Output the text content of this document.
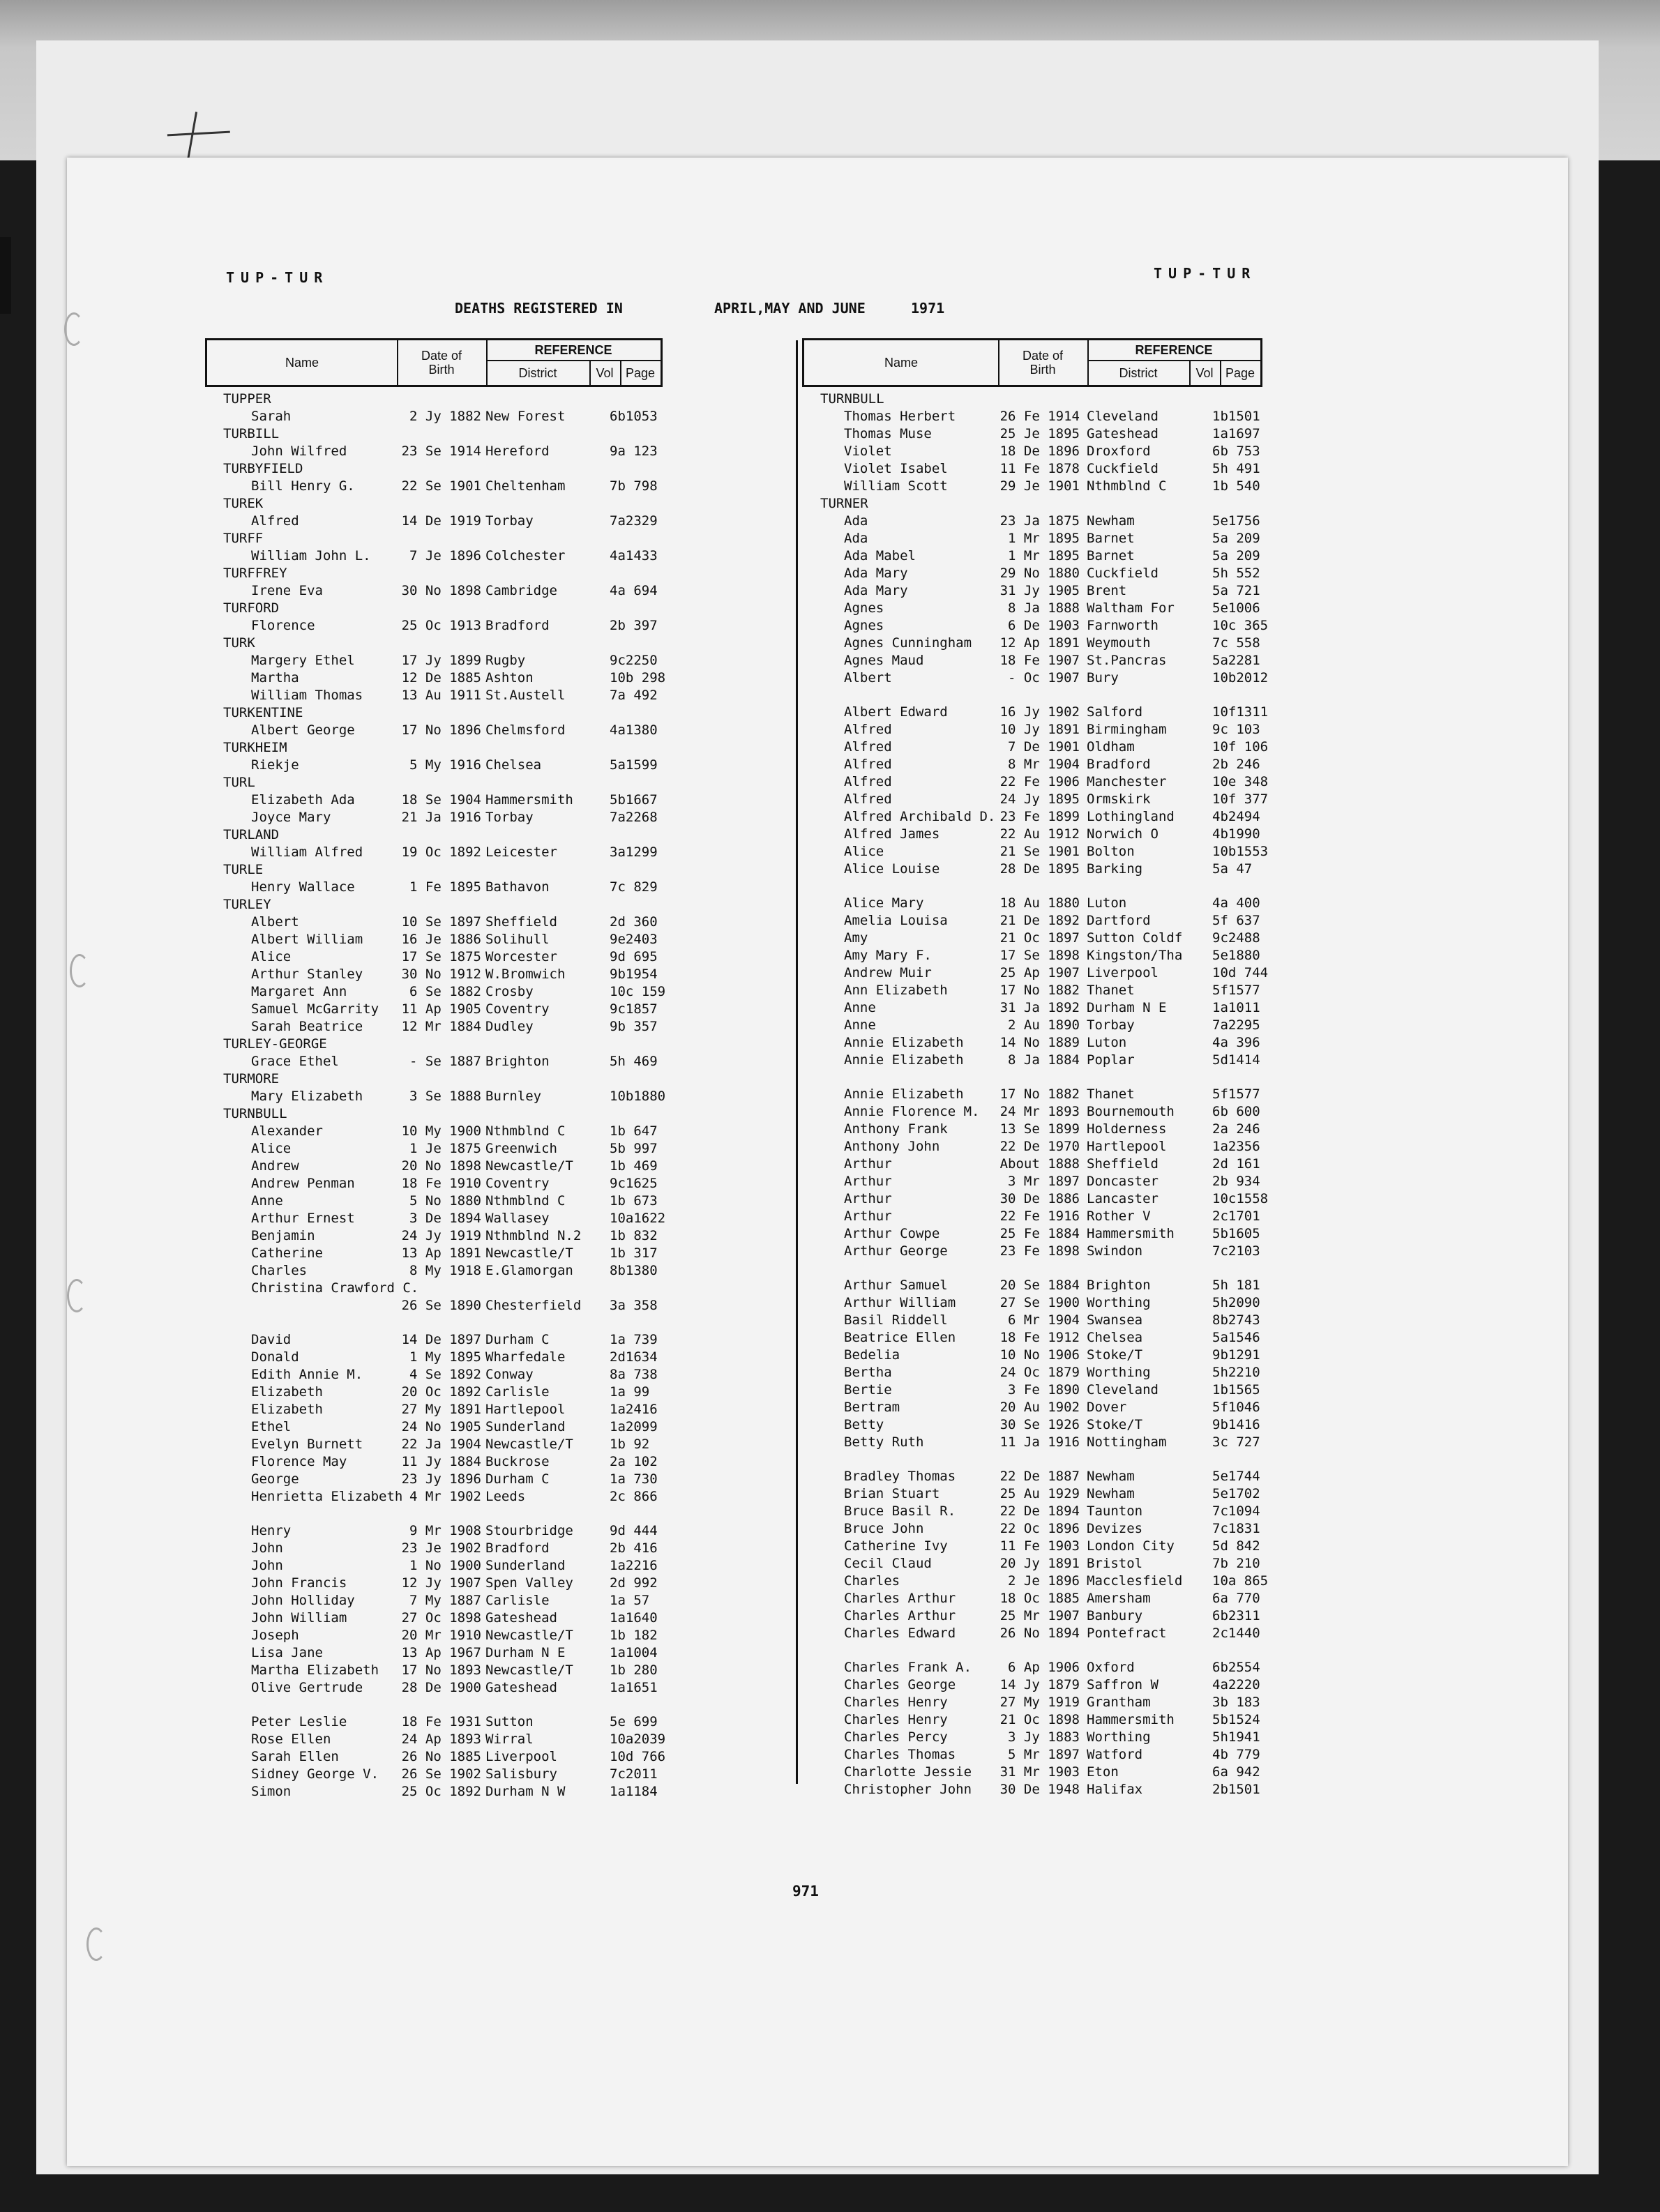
TUP-TUR	TUP-TUR
DEATHS REGISTERED IN	APRIL,MAY AND JUNE	1971
Name	Date of
Birth
REFERENCE
District	Vol Page
TUPPER
Sarah	2 Jy 1882 New Forest	6b1053
TURBILL
John Wilfred	23 Se 1914 Hereford	9a 123
TURBYFIELD
Bill Henry G.	22 Se 1901 Cheltenham	7b 798
TUREK
Alfred	14 De 1919 Torbay	7a2329
TURFF
William John L.	7 Je 1896 Colchester	4a1433
TURFFREY
Irene Eva	30 No 1898 Cambridge	4a 694
TURFORD
Florence	25 Oc 1913 Bradford	2b 397
TURK
Margery Ethel	17 Jy 1899 Rugby	9c2250
Martha	12 De 1885 Ashton	10b 298
William Thomas	13 Au 1911 St.Austell	7a 492
TURKENTINE
Albert George	17 No 1896 Chelmsford	4a1380
TURKHEIM
Riekje	5 My 1916 Chelsea	5a1599
TURL
Elizabeth Ada	18 Se 1904 Hammersmith	5b1667
Joyce Mary	21 Ja 1916 Torbay	7a2268
TURLAND
William Alfred	19 Oc 1892 Leicester	3a1299
TURLE
Henry Wallace	1 Fe 1895 Bathavon	7c 829
TURLEY
Albert	10 Se 1897 Sheffield	2d 360
Albert William	16 Je 1886 Solihull	9e2403
Alice	17 Se 1875 Worcester	9d 695
Arthur Stanley	30 No 1912 W.Bromwich	9b1954
Margaret Ann	6 Se 1882 Crosby	10c 159
Samuel McGarrity 11 Ap 1905 Coventry	9c1857
Sarah Beatrice	12 Mr 1884 Dudley	9b 357
TURLEY-GEORGE
Grace Ethel	- Se 1887 Brighton	5h 469
TURMORE
Mary Elizabeth	3 Se 1888 Burnley	10b1880
TURNBULL
Alexander	10 My 1900 Nthmblnd C	1b 647
Alice	1 Je 1875 Greenwich	5b 997
Andrew	20 No 1898 Newcastle/T	1b 469
Andrew Penman	18 Fe 1910 Coventry	9c1625
Anne	5 No 1880 Nthmblnd C	1b 673
Arthur Ernest	3 De 1894 Wallasey	10a1622
Benjamin	24 Jy 1919 Nthmblnd N.2 1b 832
Catherine	13 Ap 1891 Newcastle/T	1b 317
Charles	8 My 1918 E.Glamorgan	8b1380
Christina Crawford C.
26 Se 1890 Chesterfield 3a 358
David	14 De 1897 Durham C	1a 739
Donald	1 My 1895 Wharfedale	2d1634
Edith Annie M.	4 Se 1892 Conway	8a 738
Elizabeth	20 Oc 1892 Carlisle	1a 99
Elizabeth	27 My 1891 Hartlepool	1a2416
Ethel	24 No 1905 Sunderland	1a2099
Evelyn Burnett	22 Ja 1904 Newcastle/T	1b 92
Florence May	11 Jy 1884 Buckrose	2a 102
George	23 Jy 1896 Durham C	1a 730
Henrietta Elizabeth 4 Mr 1902 Leeds	2c 866
Henry	9 Mr 1908 Stourbridge	9d 444
John	23 Je 1902 Bradford	2b 416
John	1 No 1900 Sunderland	1a2216
John Francis	12 Jy 1907 Spen Valley	2d 992
John Holliday	7 My 1887 Carlisle	1a 57
John William	27 Oc 1898 Gateshead	1a1640
Joseph	20 Mr 1910 Newcastle/T	1b 182
Lisa Jane	13 Ap 1967 Durham N E	1a1004
Martha Elizabeth 17 No 1893 Newcastle/T	1b 280
Olive Gertrude	28 De 1900 Gateshead	1a1651
Peter Leslie	18 Fe 1931 Sutton	5e 699
Rose Ellen	24 Ap 1893 Wirral	10a2039
Sarah Ellen	26 No 1885 Liverpool	10d 766
Sidney George V. 26 Se 1902 Salisbury	7c2011
Simon	25 Oc 1892 Durham N W	1a1184
Name	Date of
Birth
REFERENCE
District	Vol Page
TURNBULL
Thomas Herbert	26 Fe 1914 Cleveland	1b1501
Thomas Muse	25 Je 1895 Gateshead	1a1697
Violet	18 De 1896 Droxford	6b 753
Violet Isabel	11 Fe 1878 Cuckfield	5h 491
William Scott	29 Je 1901 Nthmblnd C	1b 540
TURNER
Ada	23 Ja 1875 Newham	5e1756
Ada	1 Mr 1895 Barnet	5a 209
Ada Mabel	1 Mr 1895 Barnet	5a 209
Ada Mary	29 No 1880 Cuckfield	5h 552
Ada Mary	31 Jy 1905 Brent	5a 721
Agnes	8 Ja 1888 Waltham For	5e1006
Agnes	6 De 1903 Farnworth	10c 365
Agnes Cunningham 12 Ap 1891 Weymouth	7c 558
Agnes Maud	18 Fe 1907 St.Pancras	5a2281
Albert	- Oc 1907 Bury	10b2012
Albert Edward	16 Jy 1902 Salford	10f1311
Alfred	10 Jy 1891 Birmingham	9c 103
Alfred	7 De 1901 Oldham	10f 106
Alfred	8 Mr 1904 Bradford	2b 246
Alfred	22 Fe 1906 Manchester	10e 348
Alfred	24 Jy 1895 Ormskirk	10f 377
Alfred Archibald D. 23 Fe 1899 Lothingland	4b2494
Alfred James	22 Au 1912 Norwich O	4b1990
Alice	21 Se 1901 Bolton	10b1553
Alice Louise	28 De 1895 Barking	5a 47
Alice Mary	18 Au 1880 Luton	4a 400
Amelia Louisa	21 De 1892 Dartford	5f 637
Amy	21 Oc 1897 Sutton Coldf 9c2488
Amy Mary F.	17 Se 1898 Kingston/Tha 5e1880
Andrew Muir	25 Ap 1907 Liverpool	10d 744
Ann Elizabeth	17 No 1882 Thanet	5f1577
Anne	31 Ja 1892 Durham N E	1a1011
Anne	2 Au 1890 Torbay	7a2295
Annie Elizabeth	14 No 1889 Luton	4a 396
Annie Elizabeth	8 Ja 1884 Poplar	5d1414
Annie Elizabeth	17 No 1882 Thanet	5f1577
Annie Florence M. 24 Mr 1893 Bournemouth	6b 600
Anthony Frank	13 Se 1899 Holderness	2a 246
Anthony John	22 De 1970 Hartlepool	1a2356
Arthur	About 1888 Sheffield	2d 161
Arthur	3 Mr 1897 Doncaster	2b 934
Arthur	30 De 1886 Lancaster	10c1558
Arthur	22 Fe 1916 Rother V	2c1701
Arthur Cowpe	25 Fe 1884 Hammersmith	5b1605
Arthur George	23 Fe 1898 Swindon	7c2103
Arthur Samuel	20 Se 1884 Brighton	5h 181
Arthur William	27 Se 1900 Worthing	5h2090
Basil Riddell	6 Mr 1904 Swansea	8b2743
Beatrice Ellen	18 Fe 1912 Chelsea	5a1546
Bedelia	10 No 1906 Stoke/T	9b1291
Bertha	24 Oc 1879 Worthing	5h2210
Bertie	3 Fe 1890 Cleveland	1b1565
Bertram	20 Au 1902 Dover	5f1046
Betty	30 Se 1926 Stoke/T	9b1416
Betty Ruth	11 Ja 1916 Nottingham	3c 727
Bradley Thomas	22 De 1887 Newham	5e1744
Brian Stuart	25 Au 1929 Newham	5e1702
Bruce Basil R.	22 De 1894 Taunton	7c1094
Bruce John	22 Oc 1896 Devizes	7c1831
Catherine Ivy	11 Fe 1903 London City	5d 842
Cecil Claud	20 Jy 1891 Bristol	7b 210
Charles	2 Je 1896 Macclesfield 10a 865
Charles Arthur	18 Oc 1885 Amersham	6a 770
Charles Arthur	25 Mr 1907 Banbury	6b2311
Charles Edward	26 No 1894 Pontefract	2c1440
Charles Frank A.	6 Ap 1906 Oxford	6b2554
Charles George	14 Jy 1879 Saffron W	4a2220
Charles Henry	27 My 1919 Grantham	3b 183
Charles Henry	21 Oc 1898 Hammersmith	5b1524
Charles Percy	3 Jy 1883 Worthing	5h1941
Charles Thomas	5 Mr 1897 Watford	4b 779
Charlotte Jessie 31 Mr 1903 Eton	6a 942
Christopher John 30 De 1948 Halifax	2b1501
971
